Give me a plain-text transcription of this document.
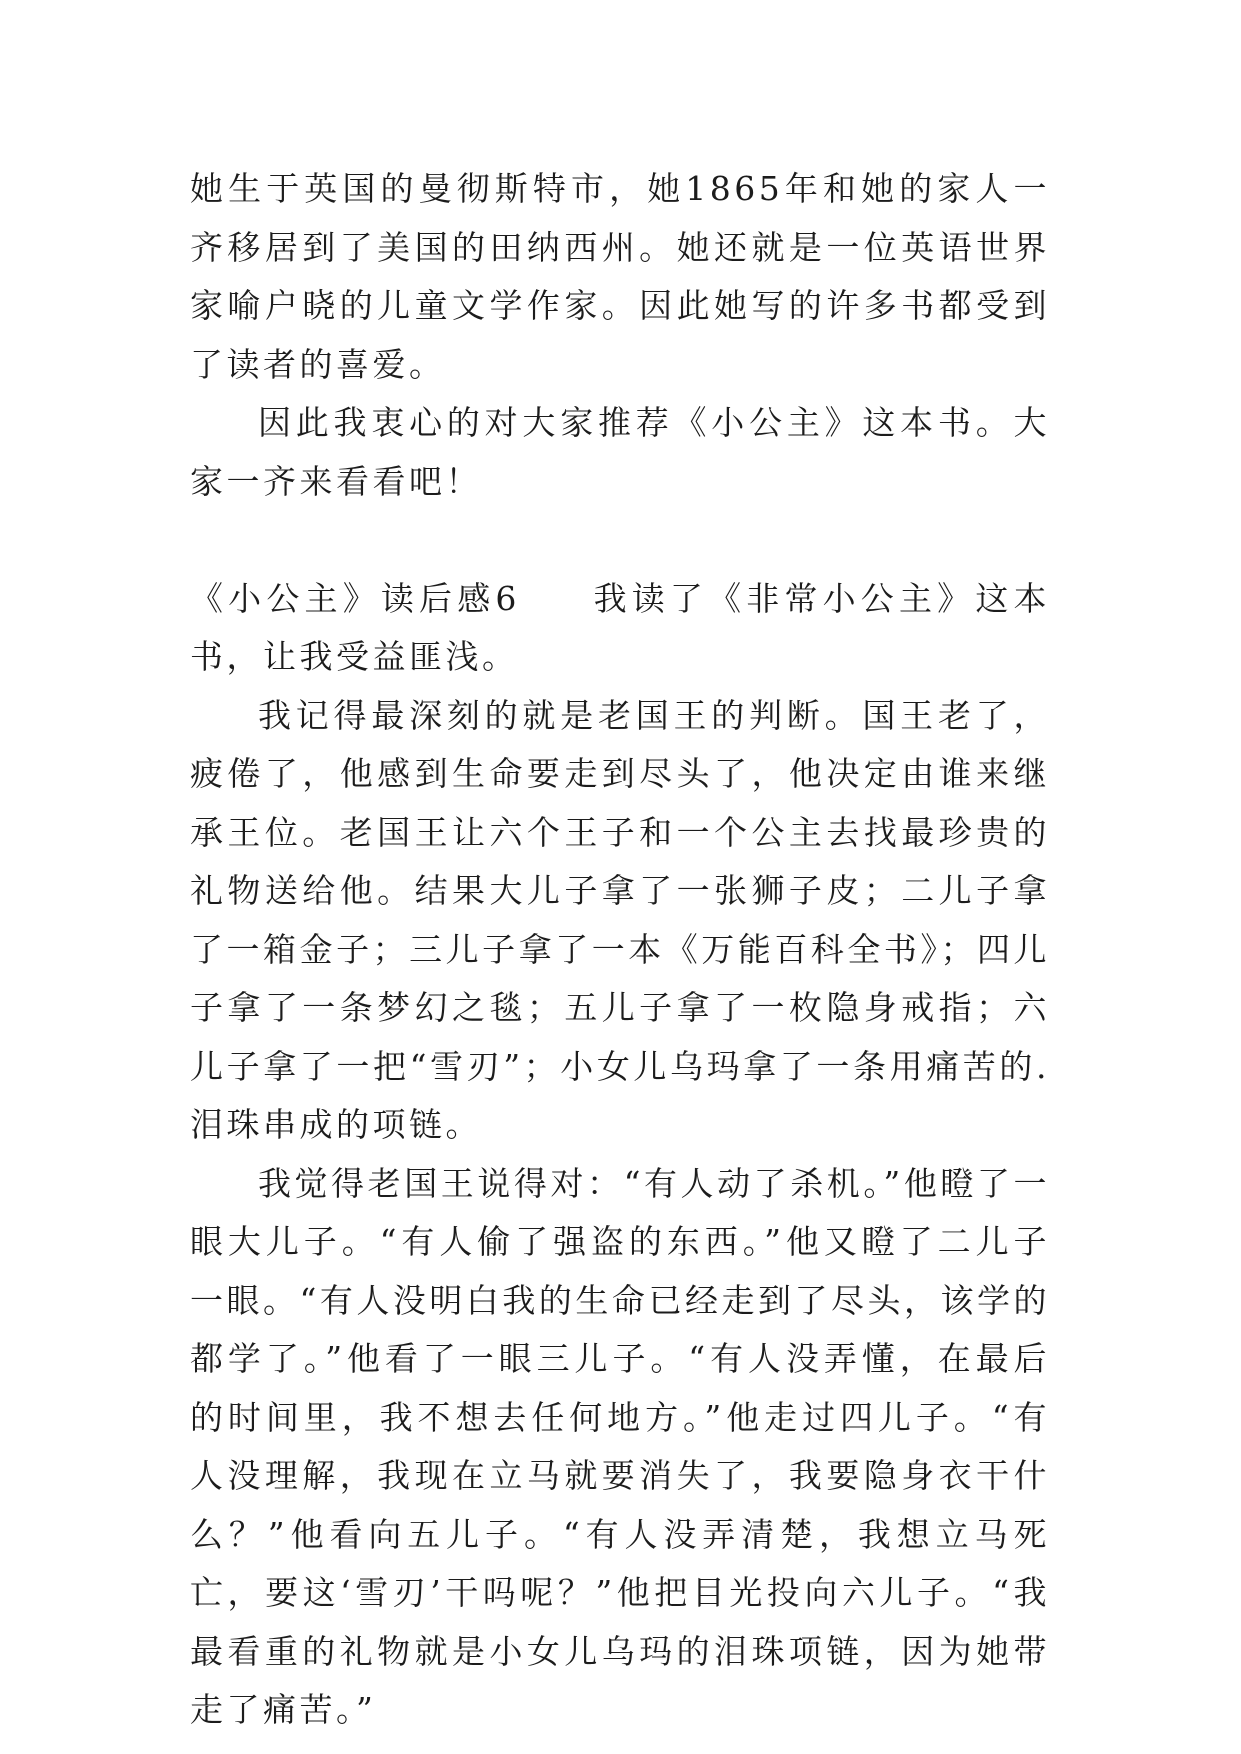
她生于英国的曼彻斯特市，她1865年和她的家人一齐移居到了美国的田纳西州。她还就是一位英语世界家喻户晓的儿童文学作家。因此她写的许多书都受到了读者的喜爱。

因此我衷心的对大家推荐《小公主》这本书。大家一齐来看看吧！

《小公主》读后感6 我读了《非常小公主》这本书，让我受益匪浅。

我记得最深刻的就是老国王的判断。国王老了，疲倦了，他感到生命要走到尽头了，他决定由谁来继承王位。老国王让六个王子和一个公主去找最珍贵的礼物送给他。结果大儿子拿了一张狮子皮；二儿子拿了一箱金子；三儿子拿了一本《万能百科全书》；四儿子拿了一条梦幻之毯；五儿子拿了一枚隐身戒指；六儿子拿了一把“雪刃”；小女儿乌玛拿了一条用痛苦的.泪珠串成的项链。

我觉得老国王说得对：“有人动了杀机。”他瞪了一眼大儿子。“有人偷了强盗的东西。”他又瞪了二儿子一眼。“有人没明白我的生命已经走到了尽头，该学的都学了。”他看了一眼三儿子。“有人没弄懂，在最后的时间里，我不想去任何地方。”他走过四儿子。“有人没理解，我现在立马就要消失了，我要隐身衣干什么？”他看向五儿子。“有人没弄清楚，我想立马死亡，要这‘雪刃’干吗呢？”他把目光投向六儿子。“我最看重的礼物就是小女儿乌玛的泪珠项链，因为她带走了痛苦。”
